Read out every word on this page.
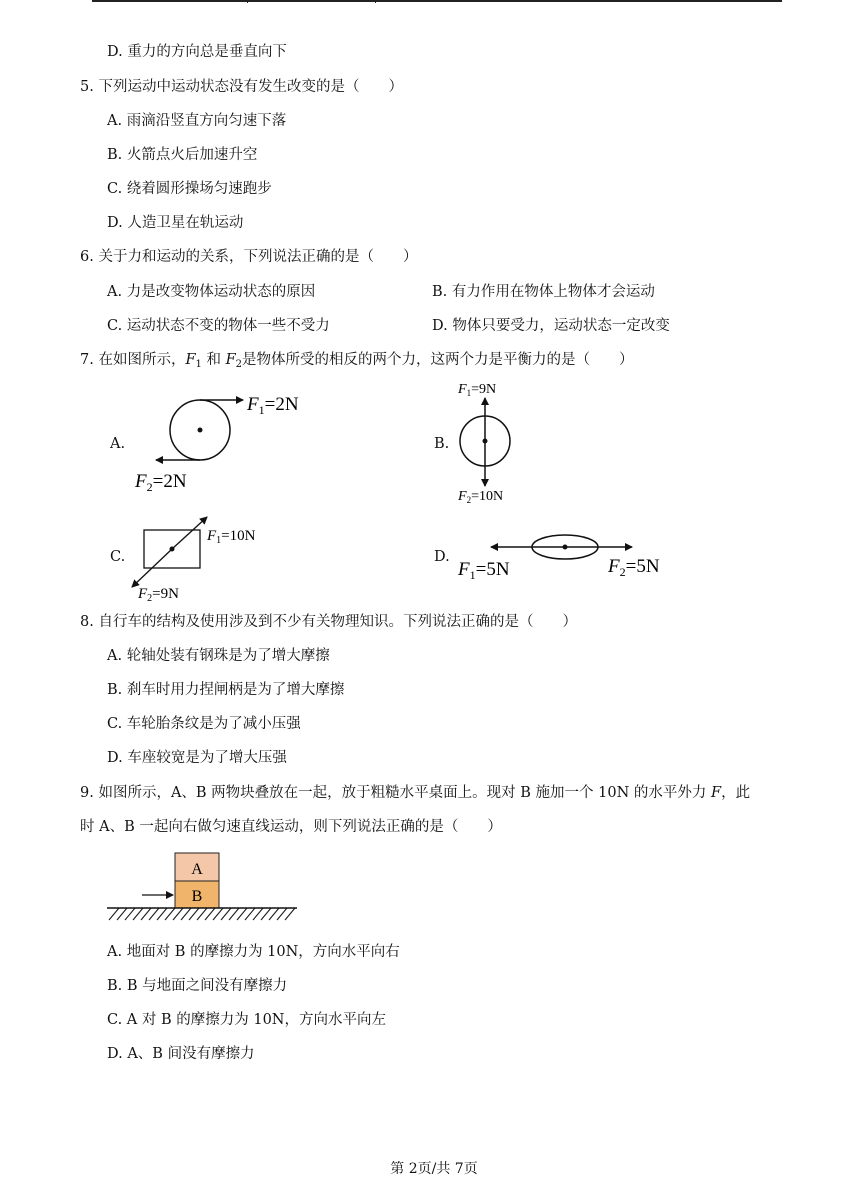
D. 重力的方向总是垂直向下
5. 下列运动中运动状态没有发生改变的是（　　）
A. 雨滴沿竖直方向匀速下落
B. 火箭点火后加速升空
C. 绕着圆形操场匀速跑步
D. 人造卫星在轨运动
6. 关于力和运动的关系，下列说法正确的是（　　）
A. 力是改变物体运动状态的原因	B. 有力作用在物体上物体才会运动
C. 运动状态不变的物体一些不受力	D. 物体只要受力，运动状态一定改变
7. 在如图所示，$F_1$ 和 $F_2$是物体所受的相反的两个力，这两个力是平衡力的是（　　）
A.	B.
C.	D.
$F_1=2N$
$F_2=2N$
$F_1=9N$
$F_2=10N$
$F_1=10N$
$F_2=9N$
$F_1=5N$	$F_2=5N$
8. 自行车的结构及使用涉及到不少有关物理知识。下列说法正确的是（　　）
A. 轮轴处装有钢珠是为了增大摩擦
B. 刹车时用力捏闸柄是为了增大摩擦
C. 车轮胎条纹是为了减小压强
D. 车座较宽是为了增大压强
9. 如图所示，A、B 两物块叠放在一起，放于粗糙水平桌面上。现对 B 施加一个 10N 的水平外力 F，此
时 A、B 一起向右做匀速直线运动，则下列说法正确的是（　　）
A
B
A. 地面对 B 的摩擦力为 10N，方向水平向右
B. B 与地面之间没有摩擦力
C. A 对 B 的摩擦力为 10N，方向水平向左
D. A、B 间没有摩擦力
第 2页/共 7页
